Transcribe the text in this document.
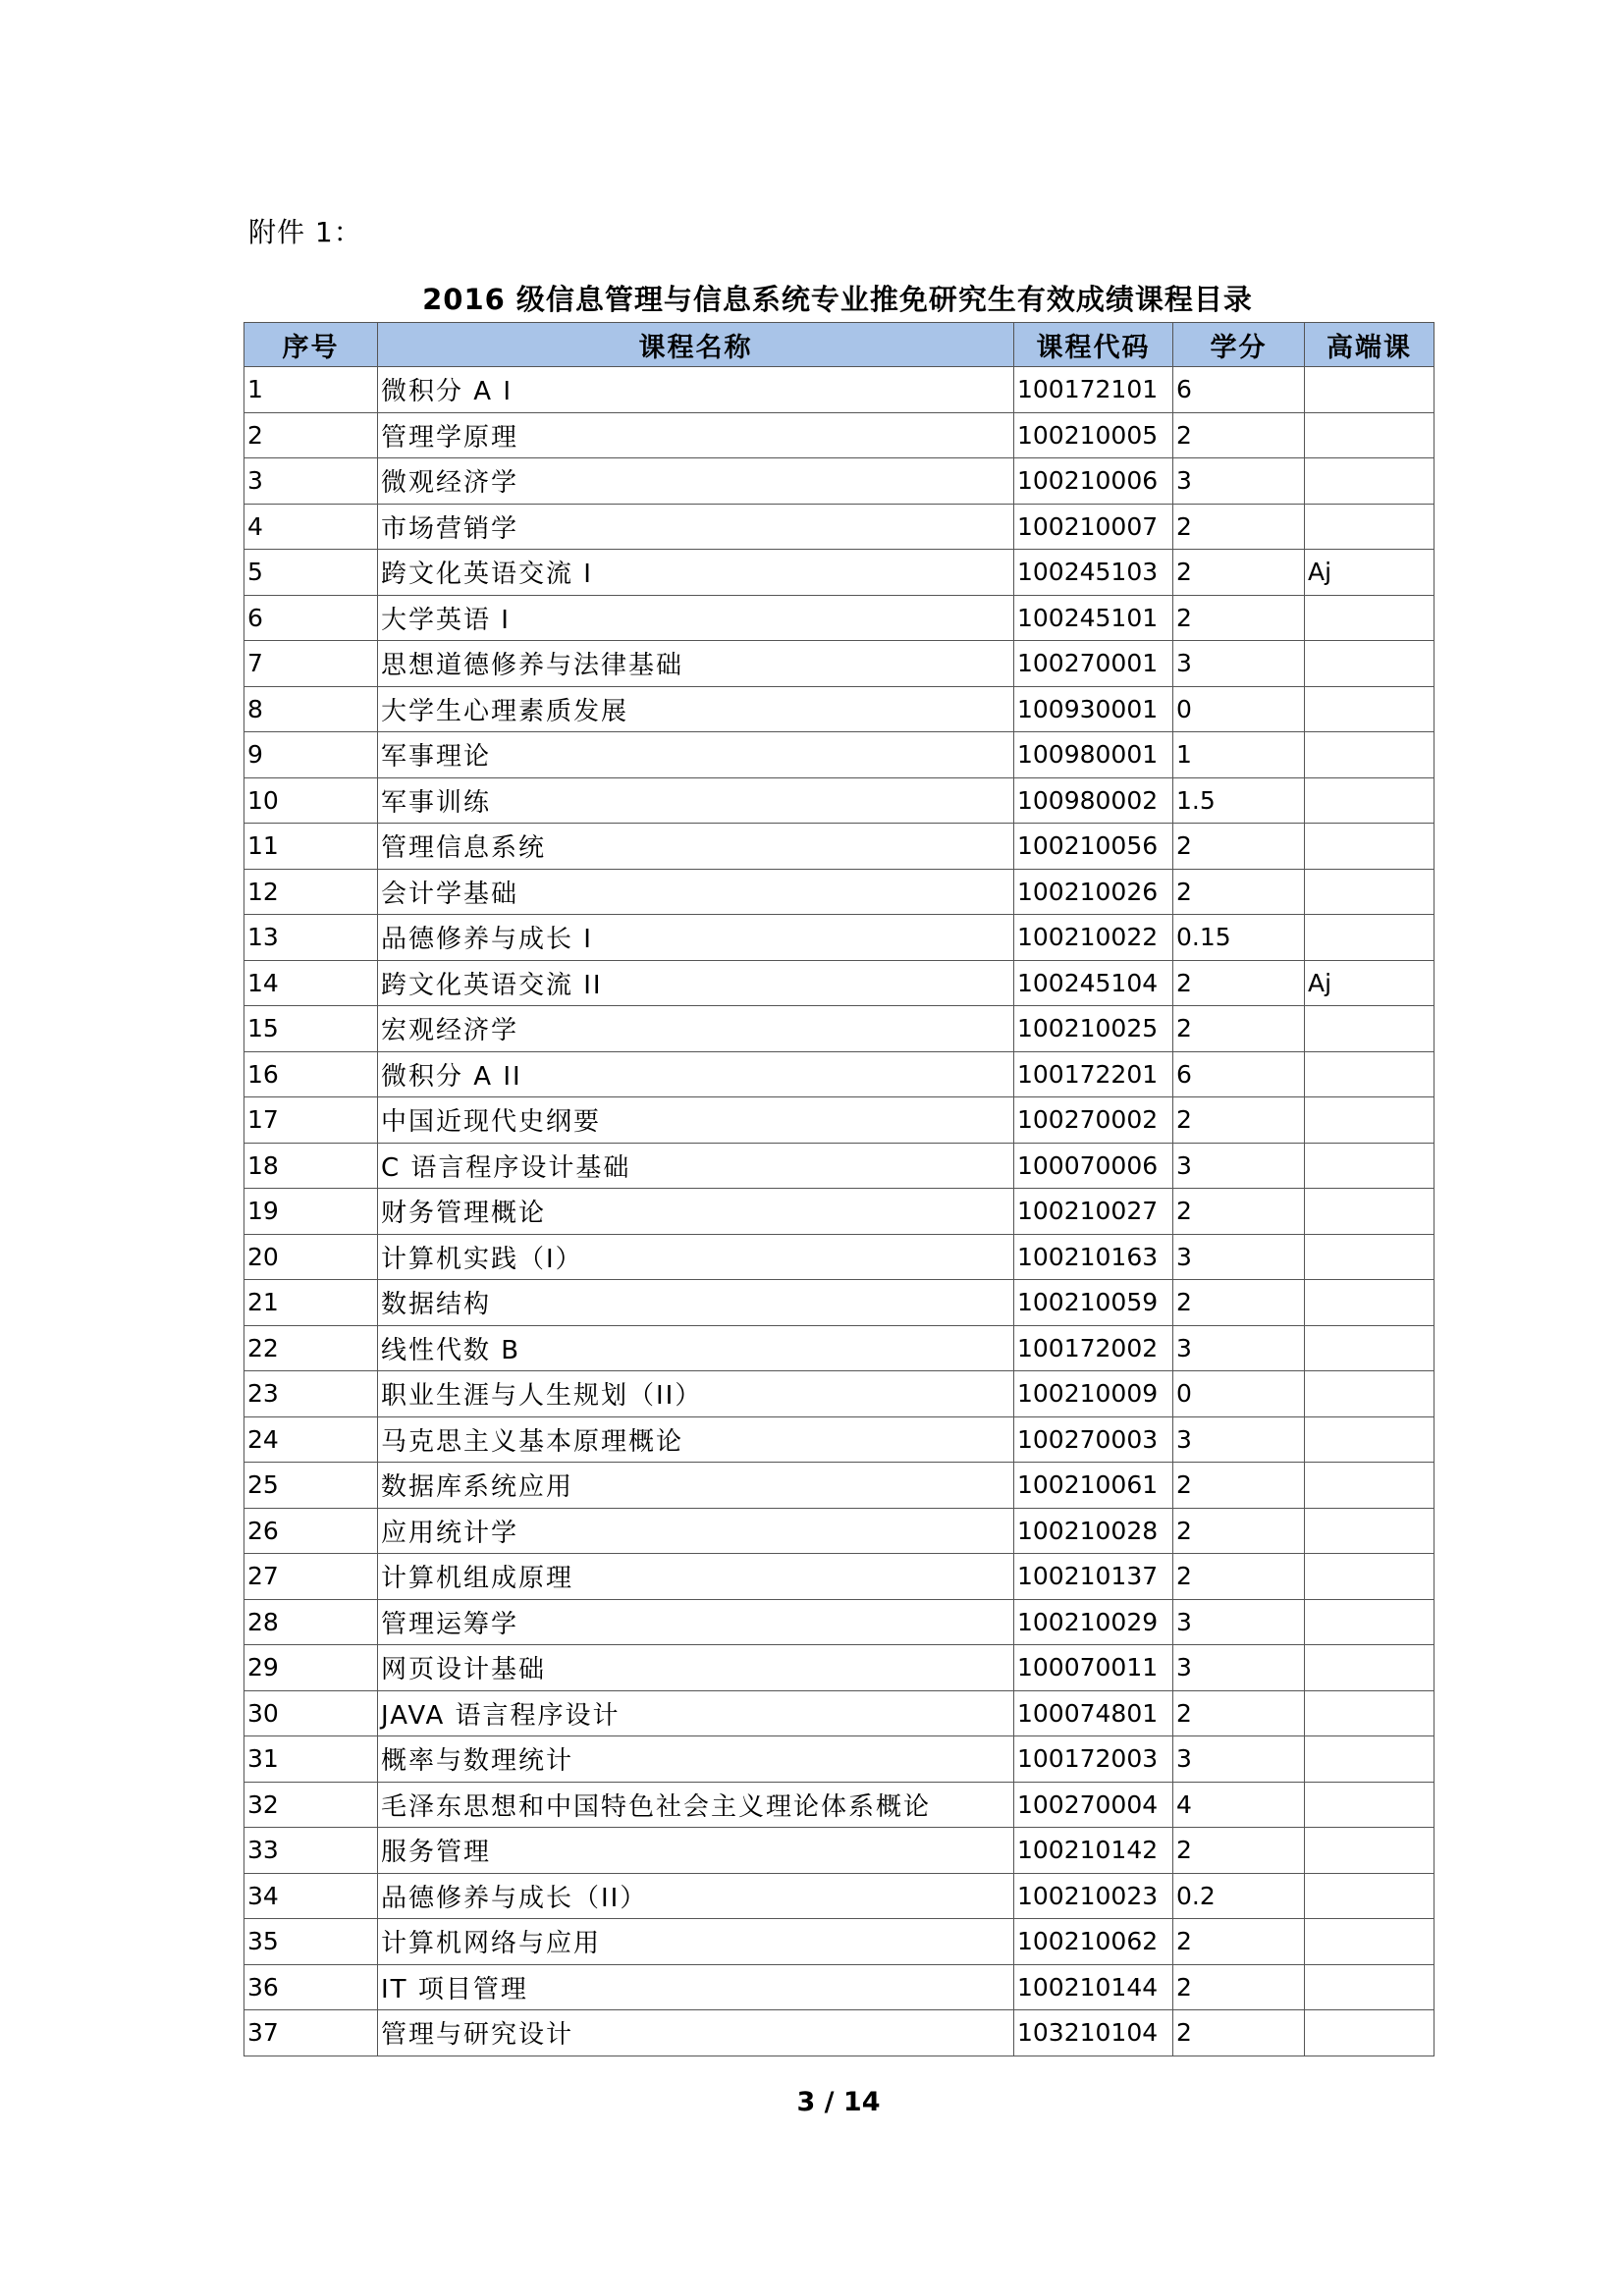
附件 1：
2016 级信息管理与信息系统专业推免研究生有效成绩课程目录
序号	课程名称	课程代码	学分	高端课
1	微积分 A I	100172101	6	
2	管理学原理	100210005	2	
3	微观经济学	100210006	3	
4	市场营销学	100210007	2	
5	跨文化英语交流 I	100245103	2	Aj
6	大学英语 I	100245101	2	
7	思想道德修养与法律基础	100270001	3	
8	大学生心理素质发展	100930001	0	
9	军事理论	100980001	1	
10	军事训练	100980002	1.5	
11	管理信息系统	100210056	2	
12	会计学基础	100210026	2	
13	品德修养与成长 I	100210022	0.15	
14	跨文化英语交流 II	100245104	2	Aj
15	宏观经济学	100210025	2	
16	微积分 A II	100172201	6	
17	中国近现代史纲要	100270002	2	
18	C 语言程序设计基础	100070006	3	
19	财务管理概论	100210027	2	
20	计算机实践（I）	100210163	3	
21	数据结构	100210059	2	
22	线性代数 B	100172002	3	
23	职业生涯与人生规划（II）	100210009	0	
24	马克思主义基本原理概论	100270003	3	
25	数据库系统应用	100210061	2	
26	应用统计学	100210028	2	
27	计算机组成原理	100210137	2	
28	管理运筹学	100210029	3	
29	网页设计基础	100070011	3	
30	JAVA 语言程序设计	100074801	2	
31	概率与数理统计	100172003	3	
32	毛泽东思想和中国特色社会主义理论体系概论	100270004	4	
33	服务管理	100210142	2	
34	品德修养与成长（II）	100210023	0.2	
35	计算机网络与应用	100210062	2	
36	IT 项目管理	100210144	2	
37	管理与研究设计	103210104	2	
3 / 14
